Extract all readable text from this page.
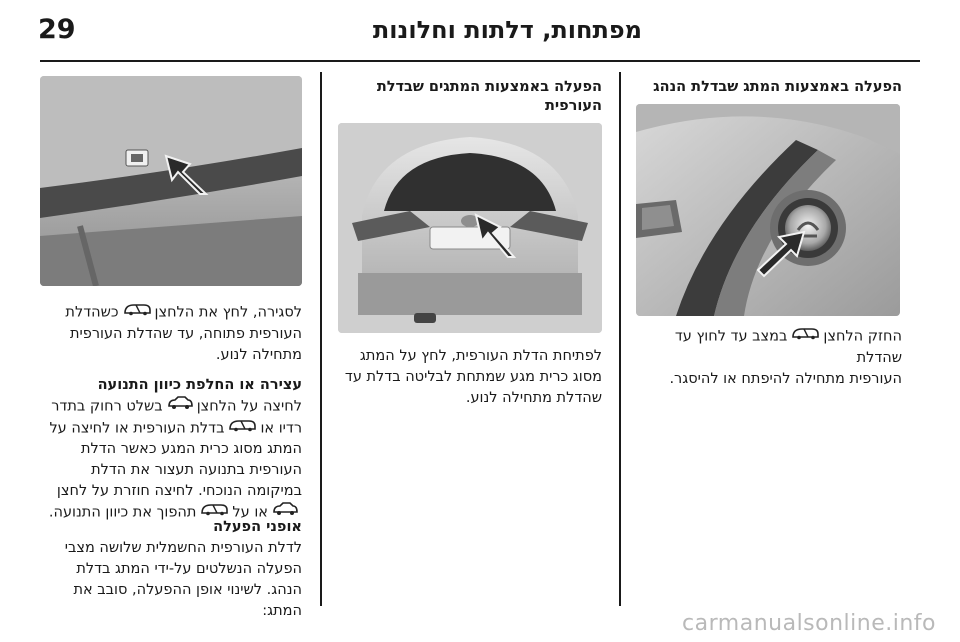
29	מפתחות, דלתות וחלונות
הפעלה באמצעות המתג שבדלת הנהג
החזק הלחצןבמצב עד לחוץ עד שהדלת
העורפית מתחילה להיפתח או להיסגר.
הפעלה באמצעות המתגים שבדלת
העורפית
לפתיחת הדלת העורפית, לחץ על המתג
מסוג כרית מגע שמתחת לבליטה בדלת עד
שהדלת מתחילה לנוע.
לסגירה, לחץ את הלחצןכשהדלת
העורפית פתוחה, עד שהדלת העורפית
מתחילה לנוע.
עצירה או החלפת כיוון התנועה
לחיצה על הלחצןבשלט רחוק בתדר
רדיו אובדלת העורפית או לחיצה על
המתג מסוג כרית המגע כאשר הדלת
העורפית בתנועה תעצור את הדלת
במיקומה הנוכחי. לחיצה חוזרת על לחצן
או עלתהפוך את כיוון התנועה.
אופני הפעלה
לדלת העורפית החשמלית שלושה מצבי
הפעלה הנשלטים על-ידי המתג בדלת
הנהג. לשינוי אופן ההפעלה, סובב את
המתג:	carmanualsonline.info
